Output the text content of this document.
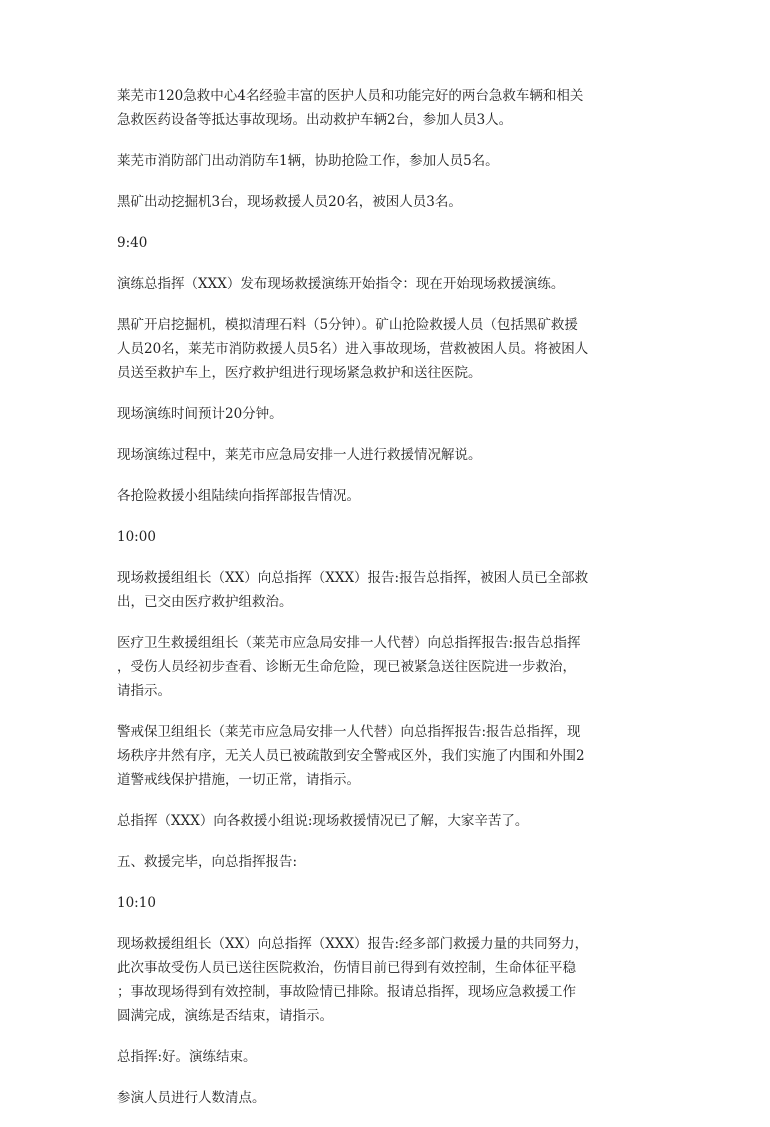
莱芜市120急救中心4名经验丰富的医护人员和功能完好的两台急救车辆和相关
急救医药设备等抵达事故现场。出动救护车辆2台，参加人员3人。

莱芜市消防部门出动消防车1辆，协助抢险工作，参加人员5名。

黑矿出动挖掘机3台，现场救援人员20名，被困人员3名。

9:40

演练总指挥（XXX）发布现场救援演练开始指令：现在开始现场救援演练。

黑矿开启挖掘机，模拟清理石料（5分钟）。矿山抢险救援人员（包括黑矿救援
人员20名，莱芜市消防救援人员5名）进入事故现场，营救被困人员。将被困人
员送至救护车上，医疗救护组进行现场紧急救护和送往医院。

现场演练时间预计20分钟。

现场演练过程中，莱芜市应急局安排一人进行救援情况解说。

各抢险救援小组陆续向指挥部报告情况。

10:00

现场救援组组长（XX）向总指挥（XXX）报告:报告总指挥，被困人员已全部救
出，已交由医疗救护组救治。

医疗卫生救援组组长（莱芜市应急局安排一人代替）向总指挥报告:报告总指挥
，受伤人员经初步查看、诊断无生命危险，现已被紧急送往医院进一步救治，
请指示。

警戒保卫组组长（莱芜市应急局安排一人代替）向总指挥报告:报告总指挥，现
场秩序井然有序，无关人员已被疏散到安全警戒区外，我们实施了内围和外围2
道警戒线保护措施，一切正常，请指示。

总指挥（XXX）向各救援小组说:现场救援情况已了解，大家辛苦了。

五、救援完毕，向总指挥报告:

10:10

现场救援组组长（XX）向总指挥（XXX）报告:经多部门救援力量的共同努力，
此次事故受伤人员已送往医院救治，伤情目前已得到有效控制，生命体征平稳
；事故现场得到有效控制，事故险情已排除。报请总指挥，现场应急救援工作
圆满完成，演练是否结束，请指示。

总指挥:好。演练结束。

参演人员进行人数清点。
